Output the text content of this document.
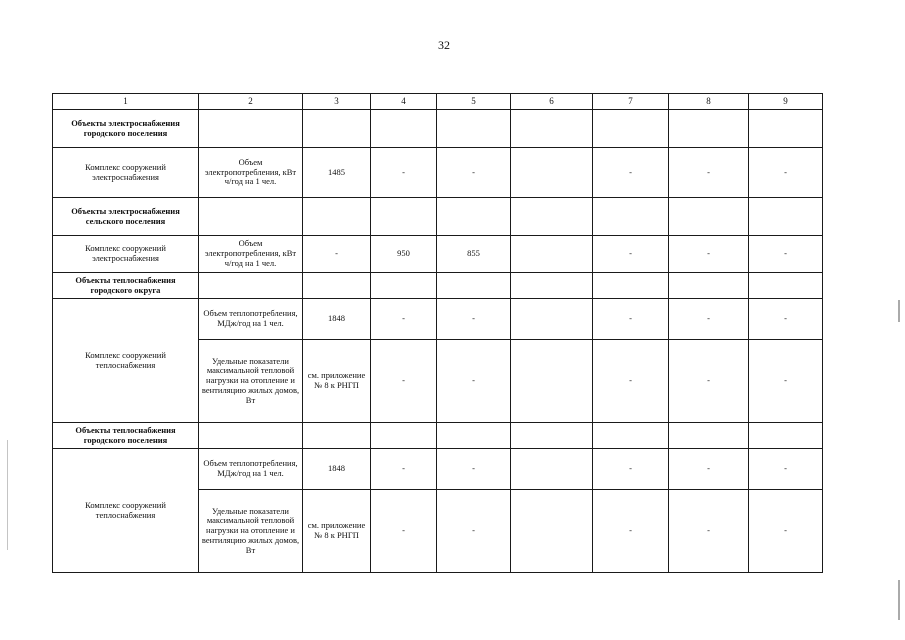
32
1	2	3	4	5	6	7	8	9
Объекты электроснабжения городского поселения								
Комплекс сооружений электроснабжения	Объем электропотребления, кВт ч/год на 1 чел.	1485	-	-		-	-	-
Объекты электроснабжения сельского поселения								
Комплекс сооружений электроснабжения	Объем электропотребления, кВт ч/год на 1 чел.	-	950	855		-	-	-
Объекты теплоснабжения городского округа								
Комплекс сооружений теплоснабжения	Объем теплопотребления, МДж/год на 1 чел.	1848	-	-		-	-	-
	Удельные показатели максимальной тепловой нагрузки на отопление и вентиляцию жилых домов, Вт	см. приложение № 8 к РНГП	-	-		-	-	-
Объекты теплоснабжения городского поселения								
Комплекс сооружений теплоснабжения	Объем теплопотребления, МДж/год на 1 чел.	1848	-	-		-	-	-
	Удельные показатели максимальной тепловой нагрузки на отопление и вентиляцию жилых домов, Вт	см. приложение № 8 к РНГП	-	-		-	-	-
